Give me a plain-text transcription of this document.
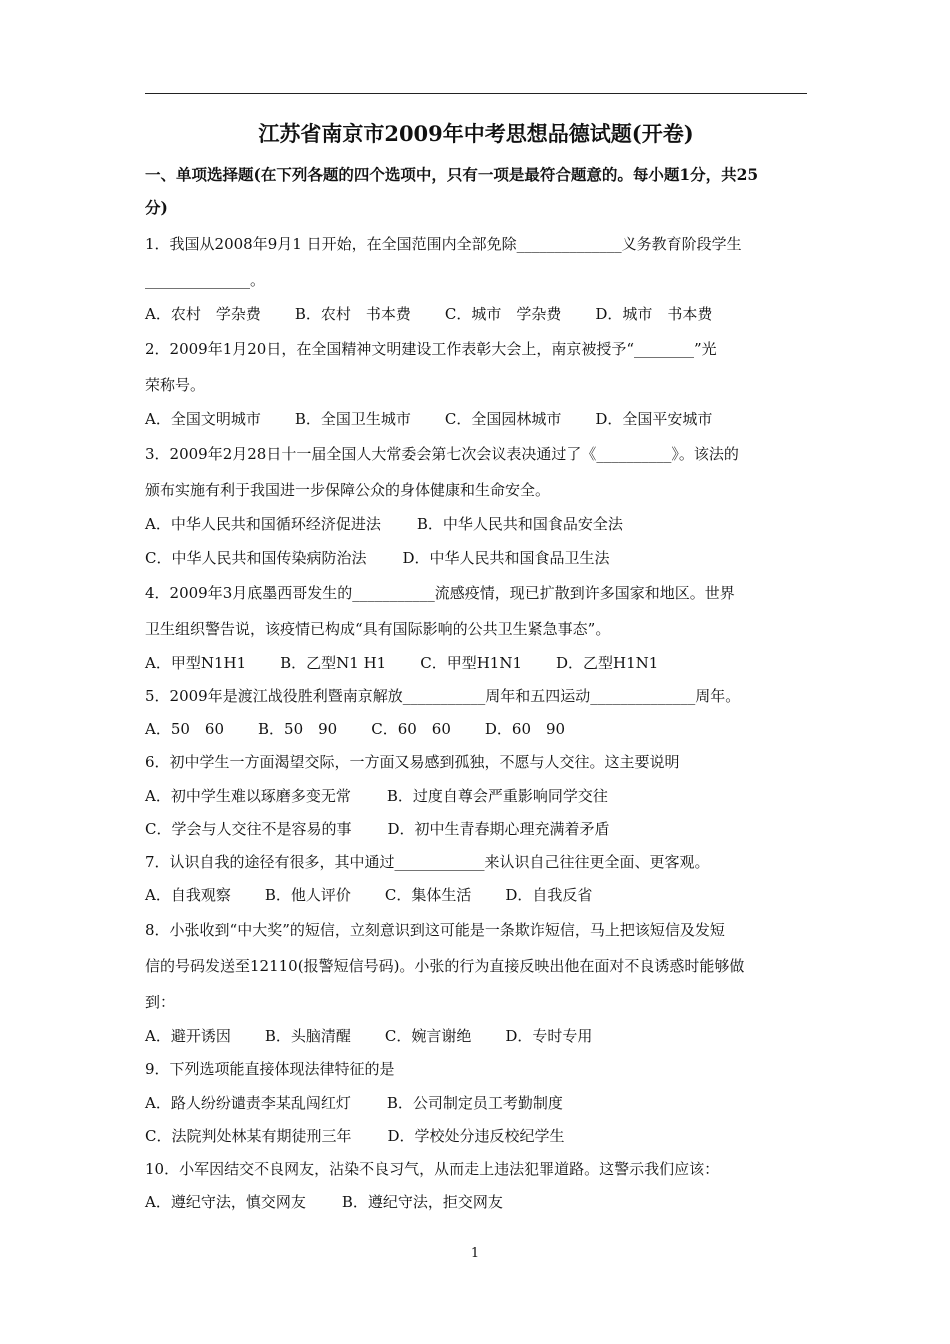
江苏省南京市2009年中考思想品德试题(开卷)
一、单项选择题(在下列各题的四个选项中，只有一项是最符合题意的。每小题1分，共25
分)
1．我国从2008年9月1 日开始，在全国范围内全部免除______________义务教育阶段学生
______________。
A．农村　学杂费 B．农村　书本费 C．城市　学杂费 D．城市　书本费
2．2009年1月20日，在全国精神文明建设工作表彰大会上，南京被授予“________”光
荣称号。
A．全国文明城市 B．全国卫生城市 C．全国园林城市 D．全国平安城市
3．2009年2月28日十一届全国人大常委会第七次会议表决通过了《__________》。该法的
颁布实施有利于我国进一步保障公众的身体健康和生命安全。
A．中华人民共和国循环经济促进法 B．中华人民共和国食品安全法
C．中华人民共和国传染病防治法 D．中华人民共和国食品卫生法
4．2009年3月底墨西哥发生的___________流感疫情，现已扩散到许多国家和地区。世界
卫生组织警告说，该疫情已构成“具有国际影响的公共卫生紧急事态”。
A．甲型N1H1 B．乙型N1 H1 C．甲型H1N1 D．乙型H1N1
5．2009年是渡江战役胜利暨南京解放___________周年和五四运动______________周年。
A．50　60 B．50　90 C．60　60 D．60　90
6．初中学生一方面渴望交际，一方面又易感到孤独，不愿与人交往。这主要说明
A．初中学生难以琢磨多变无常 B．过度自尊会严重影响同学交往
C．学会与人交往不是容易的事 D．初中生青春期心理充满着矛盾
7．认识自我的途径有很多，其中通过____________来认识自己往往更全面、更客观。
A．自我观察 B．他人评价 C．集体生活 D．自我反省
8．小张收到“中大奖”的短信，立刻意识到这可能是一条欺诈短信，马上把该短信及发短
信的号码发送至12110(报警短信号码)。小张的行为直接反映出他在面对不良诱惑时能够做
到：
A．避开诱因 B．头脑清醒 C．婉言谢绝 D．专时专用
9．下列选项能直接体现法律特征的是
A．路人纷纷谴责李某乱闯红灯 B．公司制定员工考勤制度
C．法院判处林某有期徒刑三年 D．学校处分违反校纪学生
10．小军因结交不良网友，沾染不良习气，从而走上违法犯罪道路。这警示我们应该：
A．遵纪守法，慎交网友 B．遵纪守法，拒交网友
1
